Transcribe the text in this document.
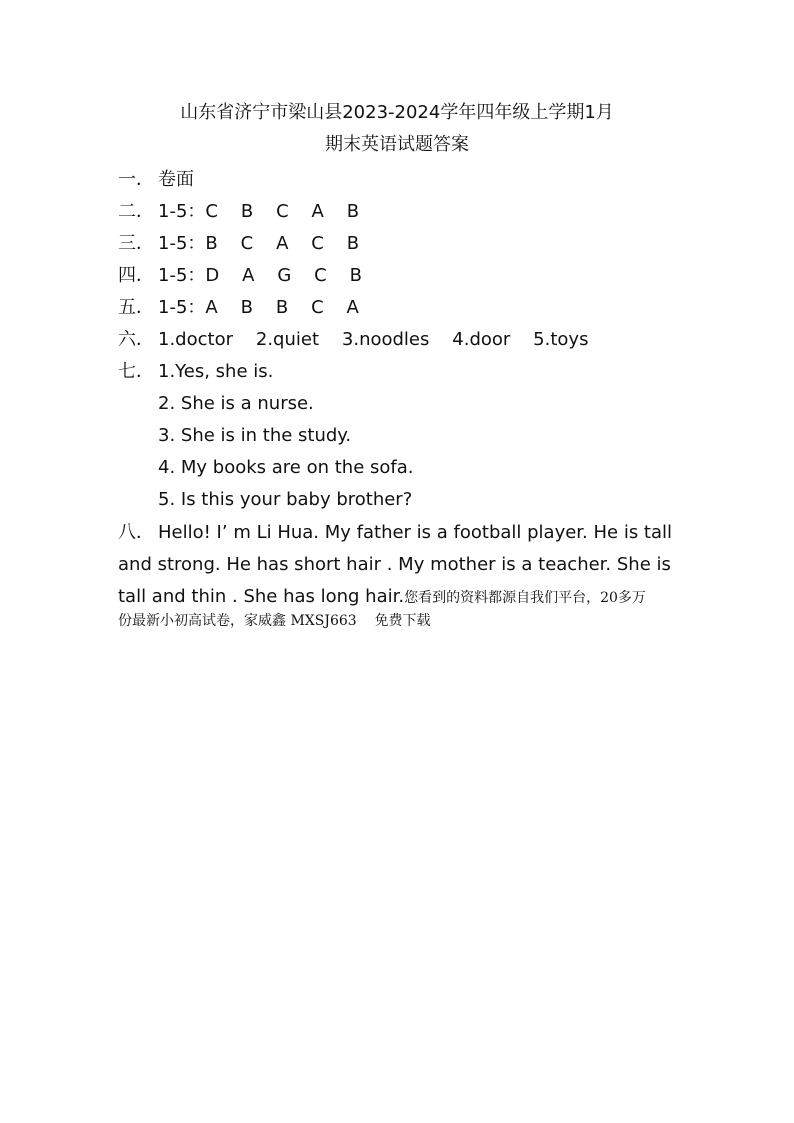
山东省济宁市梁山县2023-2024学年四年级上学期1月
期末英语试题答案
一． 卷面
二． 1-5：C    B    C    A    B
三． 1-5：B    C    A    C    B
四． 1-5：D    A    G    C    B
五． 1-5：A    B    B    C    A
六． 1.doctor    2.quiet    3.noodles    4.door    5.toys
七． 1.Yes, she is.
2. She is a nurse.
3. She is in the study.
4. My books are on the sofa.
5. Is this your baby brother?
八． Hello! I’ m Li Hua. My father is a football player. He is tall
and strong. He has short hair . My mother is a teacher. She is
tall and thin . She has long hair.您看到的资料都源自我们平台，20多万
份最新小初高试卷，家威鑫 MXSJ663    免费下载
